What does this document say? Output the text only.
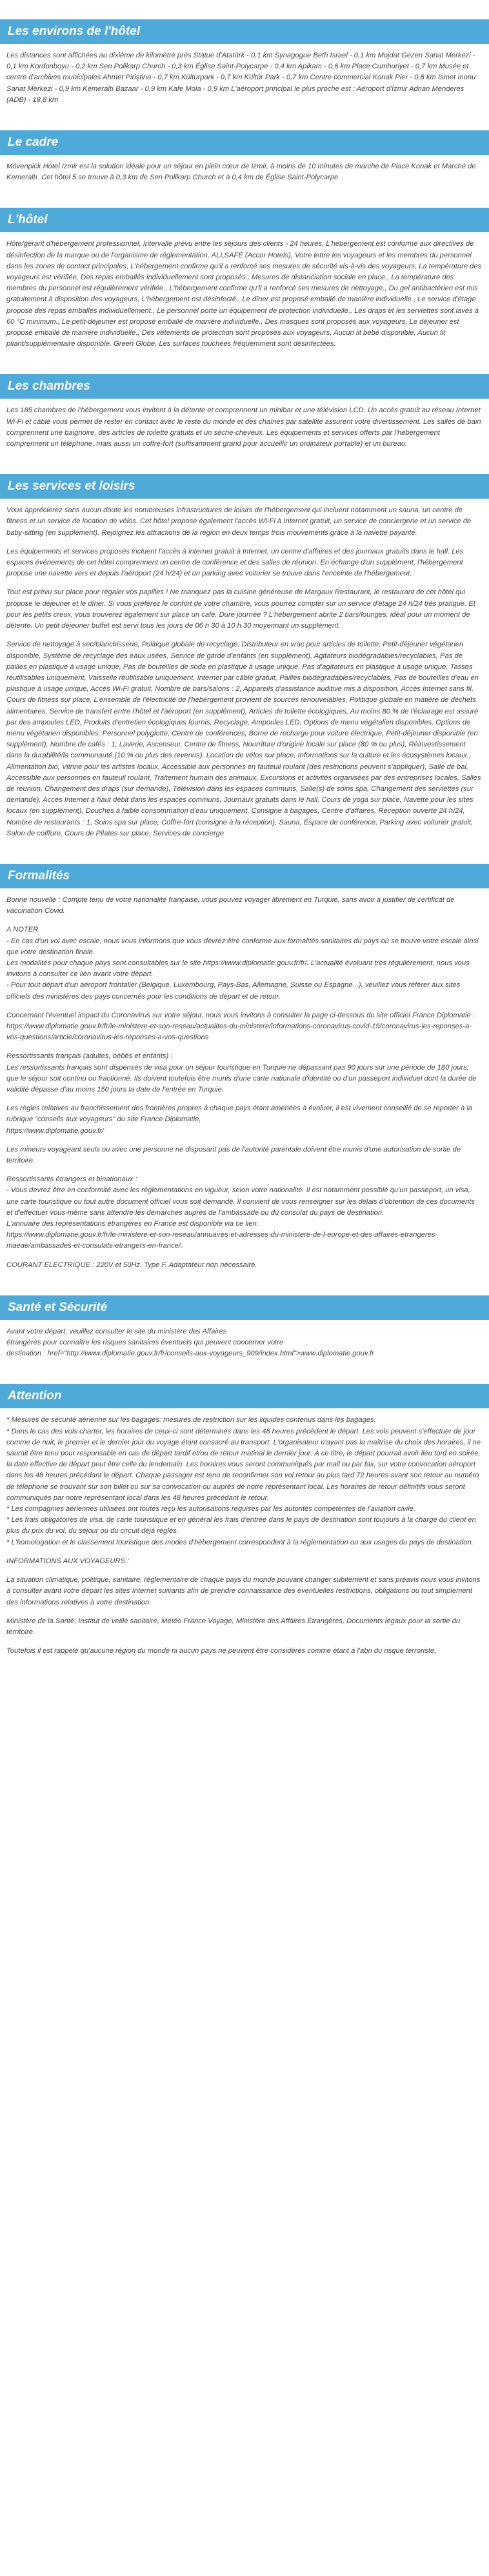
Les environs de l'hôtel

Les distances sont affichées au dixième de kilomètre près Statue d'Atatürk - 0,1 km Synagogue Beth Israel - 0,1 km Mojdat Gezen Sanat Merkezi - 0,1 km Kordonboyu - 0,2 km Sen Polikarp Church - 0,3 km Église Saint-Polycarpe - 0,4 km Apikam - 0,6 km Place Cumhuriyet - 0,7 km Musée et centre d'archives municipales Ahmet Piriştina - 0,7 km Kültürpark - 0,7 km Kültür Park - 0,7 km Centre commercial Konak Pier - 0,8 km İsmet İnonu Sanat Merkezi - 0,9 km Kemeraltı Bazaar - 0,9 km Kafe Mola - 0,9 km L'aéroport principal le plus proche est : Aéroport d'Izmir Adnan Menderes (ADB) - 18,8 km

Le cadre

Mövenpick Hotel Izmir est la solution idéale pour un séjour en plein cœur de Izmir, à moins de 10 minutes de marche de Place Konak et Marché de Kemeraltı. Cet hôtel 5 se trouve à 0,3 km de Sen Polikarp Church et à 0,4 km de Église Saint-Polycarpe.

L'hôtel

Hôte/gérant d'hébergement professionnel, Intervalle prévu entre les séjours des clients - 24 heures, L'hébergement est conforme aux directives de désinfection de la marque ou de l'organisme de réglementation, ALLSAFE (Accor Hotels), Votre lettre les voyageurs et les membres du personnel dans les zones de contact principales, L'hébergement confirme qu'il a renforcé ses mesures de sécurité vis-à-vis des voyageurs, La température des voyageurs est vérifiée, Des repas emballés individuellement sont proposés., Mesures de distanciation sociale en place., La température des membres du personnel est régulièrement vérifiée., L'hébergement confirme qu'il a renforcé ses mesures de nettoyage., Du gel antibactérien est mis gratuitement à disposition des voyageurs, L'hébergement est désinfecté., Le dîner est proposé emballé de manière individuelle., Le service d'étage propose des repas emballés individuellement., Le personnel porte un équipement de protection individuelle., Les draps et les serviettes sont lavés à 60 °C minimum., Le petit-déjeuner est proposé emballé de manière individuelle., Des masques sont proposés aux voyageurs, Le déjeuner est proposé emballé de manière individuelle., Des vêtements de protection sont proposés aux voyageurs, Aucun lit bébé disponible, Aucun lit pliant/supplémentaire disponible, Green Globe, Les surfaces touchées fréquemment sont désinfectées.

Les chambres

Les 185 chambres de l'hébergement vous invitent à la détente et comprennent un minibar et une télévision LCD. Un accès gratuit au réseau Internet Wi-Fi et câblé vous permet de rester en contact avec le reste du monde et des chaînes par satellite assurent votre divertissement. Les salles de bain comprennent une baignoire, des articles de toilette gratuits et un sèche-cheveux. Les équipements et services offerts par l'hébergement comprennent un téléphone, mais aussi un coffre-fort (suffisamment grand pour accueillir un ordinateur portable) et un bureau.

Les services et loisirs

Vous apprécierez sans aucun doute les nombreuses infrastructures de loisirs de l'hébergement qui incluent notamment un sauna, un centre de fitness et un service de location de vélos. Cet hôtel propose également l'accès Wi-Fi à Internet gratuit, un service de conciergerie et un service de baby-sitting (en supplément). Rejoignez les attractions de la région en deux temps trois mouvements grâce à la navette payante.

Les équipements et services proposés incluent l'accès à internet gratuit à Internet, un centre d'affaires et des journaux gratuits dans le hall. Les espaces événements de cet hôtel comprennent un centre de conférence et des salles de réunion. En échange d'un supplément, l'hébergement propose une navette vers et depuis l'aéroport (24 h/24) et un parking avec voiturier se trouve dans l'enceinte de l'hébergement.

Tout est prévu sur place pour régaler vos papilles ! Ne manquez pas la cuisine généreuse de Margaux Restaurant, le restaurant de cet hôtel qui propose le déjeuner et le dîner. Si vous préférez le confort de votre chambre, vous pourrez compter sur un service d'étage 24 h/24 très pratique. Et pour les petits creux, vous trouverez également sur place un café. Dure journée ? L'hébergement abrite 2 bars/lounges, idéal pour un moment de détente. Un petit déjeuner buffet est servi tous les jours de 06 h 30 à 10 h 30 moyennant un supplément.

Service de nettoyage à sec/blanchisserie, Politique globale de recyclage, Distributeur en vrac pour articles de toilette, Petit-déjeuner végétarien disponible, Système de recyclage des eaux usées, Service de garde d'enfants (en supplément), Agitateurs biodégradables/recyclables, Pas de pailles en plastique à usage unique, Pas de bouteilles de soda en plastique à usage unique, Pas d'agitateurs en plastique à usage unique, Tasses réutilisables uniquement, Vaisselle réutilisable uniquement, Internet par câble gratuit, Pailles biodégradables/recyclables, Pas de bouteilles d'eau en plastique à usage unique, Accès Wi-Fi gratuit, Nombre de bars/salons : 2, Appareils d'assistance auditive mis à disposition, Accès Internet sans fil, Cours de fitness sur place, L'ensemble de l'électricité de l'hébergement provient de sources renouvelables, Politique globale en matière de déchets alimentaires, Service de transfert entre l'hôtel et l'aéroport (en supplément), Articles de toilette écologiques, Au moins 80 % de l'éclairage est assuré par des ampoules LED, Produits d'entretien écologiques fournis, Recyclage, Ampoules LED, Options de menu végétalien disponibles, Options de menu végétarien disponibles, Personnel polyglotte, Centre de conférences, Borne de recharge pour voiture électrique, Petit-déjeuner disponible (en supplément), Nombre de cafés : 1, Laverie, Ascenseur, Centre de fitness, Nourriture d'origine locale sur place (80 % ou plus), Réinvestissement dans la durabilité/la communauté (10 % ou plus des revenus), Location de vélos sur place, Informations sur la culture et les écosystèmes locaux., Alimentation bio, Vitrine pour les artistes locaux, Accessible aux personnes en fauteuil roulant (des restrictions peuvent s'appliquer), Salle de bal, Accessible aux personnes en fauteuil roulant, Traitement humain des animaux, Excursions et activités organisées par des entreprises locales, Salles de réunion, Changement des draps (sur demande), Télévision dans les espaces communs, Salle(s) de soins spa, Changement des serviettes (sur demande), Accès Internet à haut débit dans les espaces communs, Journaux gratuits dans le hall, Cours de yoga sur place, Navette pour les sites locaux (en supplément), Douches à faible consommation d'eau uniquement, Consigne à bagages, Centre d'affaires, Réception ouverte 24 h/24, Nombre de restaurants : 1, Soins spa sur place, Coffre-fort (consigne à la réception), Sauna, Espace de conférence, Parking avec voiturier gratuit, Salon de coiffure, Cours de Pilates sur place, Services de concierge

Formalités

Bonne nouvelle : Compte tenu de votre nationalité française, vous pouvez voyager librement en Turquie, sans avoir à justifier de certificat de vaccination Covid.

A NOTER
- En cas d'un vol avec escale, nous vous informons que vous devrez être conforme aux formalités sanitaires du pays où se trouve votre escale ainsi que votre destination finale.
Les modalités pour chaque pays sont consultables sur le site https://www.diplomatie.gouv.fr/fr/. L'actualité évoluant très régulièrement, nous vous invitons à consulter ce lien avant votre départ.
- Pour tout départ d'un aéroport frontalier (Belgique, Luxembourg, Pays-Bas, Allemagne, Suisse ou Espagne...), veuillez vous référer aux sites officiels des ministères des pays concernés pour les conditions de départ et de retour.

Concernant l'éventuel impact du Coronavirus sur votre séjour, nous vous invitons à consulter la page ci-dessous du site officiel France Diplomatie :
https://www.diplomatie.gouv.fr/fr/le-ministere-et-son-reseau/actualites-du-ministere/informations-coronavirus-covid-19/coronavirus-les-reponses-a-vos-questions/article/coronavirus-les-reponses-a-vos-questions

Ressortissants français (adultes, bébés et enfants) :
Les ressortissants français sont dispensés de visa pour un séjour touristique en Turquie ne dépassant pas 90 jours sur une période de 180 jours, que le séjour soit continu ou fractionné. Ils doivent toutefois être munis d'une carte nationale d'identité ou d'un passeport individuel dont la durée de validité dépasse d'au moins 150 jours la date de l'entrée en Turquie.

Les règles relatives au franchissement des frontières propres à chaque pays étant amenées à évoluer, il est vivement conseillé de se reporter à la rubrique "conseils aux voyageurs" du site France Diplomatie,
https://www.diplomatie.gouv.fr/

Les mineurs voyageant seuls ou avec une personne ne disposant pas de l'autorité parentale doivent être munis d'une autorisation de sortie de territoire.

Ressortissants étrangers et binationaux :
- Vous devrez être en conformité avec les réglementations en vigueur, selon votre nationalité. Il est notamment possible qu'un passeport, un visa, une carte touristique ou tout autre document officiel vous soit demandé. Il convient de vous renseigner sur les délais d'obtention de ces documents et d'effectuer vous-même sans attendre les démarches auprès de l'ambassade ou du consulat du pays de destination.
L'annuaire des représentations étrangères en France est disponible via ce lien:
https://www.diplomatie.gouv.fr/fr/le-ministere-et-son-reseau/annuaires-et-adresses-du-ministere-de-l-europe-et-des-affaires-etrangeres-maeae/ambassades-et-consulats-etrangers-en-france/.

COURANT ELECTRIQUE : 220V et 50Hz. Type F. Adaptateur non nécessaire.

Santé et Sécurité

Avant votre départ, veuillez consulter le site du ministère des Affaires
étrangères pour connaître les risques sanitaires éventuels qui peuvent concerner votre
destination : href="http://www.diplomatie.gouv.fr/fr/conseils-aux-voyageurs_909/index.html">www.diplomatie.gouv.fr

Attention

* Mesures de sécurité aérienne sur les bagages: mesures de restriction sur les liquides contenus dans les bagages.
* Dans le cas des vols charter, les horaires de ceux-ci sont déterminés dans les 48 heures précédent le départ. Les vols peuvent s'effectuer de jour comme de nuit, le premier et le dernier jour du voyage étant consacré au transport. L'organisateur n'ayant pas la maîtrise du choix des horaires, il ne saurait être tenu pour responsable en cas de départ tardif et/ou de retour matinal le dernier jour. À ce titre, le départ pourrait avoir lieu tard en soirée, la date effective de départ peut être celle du lendemain. Les horaires vous seront communiqués par mail ou par fax, sur votre convocation aéroport dans les 48 heures précédant le départ. Chaque passager est tenu de reconfirmer son vol retour au plus tard 72 heures avant son retour au numéro de téléphone se trouvant sur son billet ou sur sa convocation ou auprès de notre représentant local. Les horaires de retour définitifs vous seront communiqués par notre représentant local dans les 48 heures précédant le retour.
* Les compagnies aériennes utilisées ont toutes reçu les autorisations requises par les autorités compétentes de l'aviation civile.
* Les frais obligatoires de visa, de carte touristique et en général les frais d'entrée dans le pays de destination sont toujours à la charge du client en plus du prix du vol, du séjour ou du circuit déjà réglés.
* L'homologation et le classement touristique des modes d'hébergement correspondent à la réglementation ou aux usages du pays de destination.

INFORMATIONS AUX VOYAGEURS :

La situation climatique, politique, sanitaire, réglementaire de chaque pays du monde pouvant changer subitement et sans préavis nous vous invitons à consulter avant votre départ les sites Internet suivants afin de prendre connaissance des éventuelles restrictions, obligations ou tout simplement des informations relatives à votre destination.

Ministère de la Santé, Institut de veille sanitaire, Météo France Voyage, Ministère des Affaires Étrangères, Documents légaux pour la sortie du territoire.

Toutefois il est rappelé qu'aucune région du monde ni aucun pays ne peuvent être considérés comme étant à l'abri du risque terroriste.
